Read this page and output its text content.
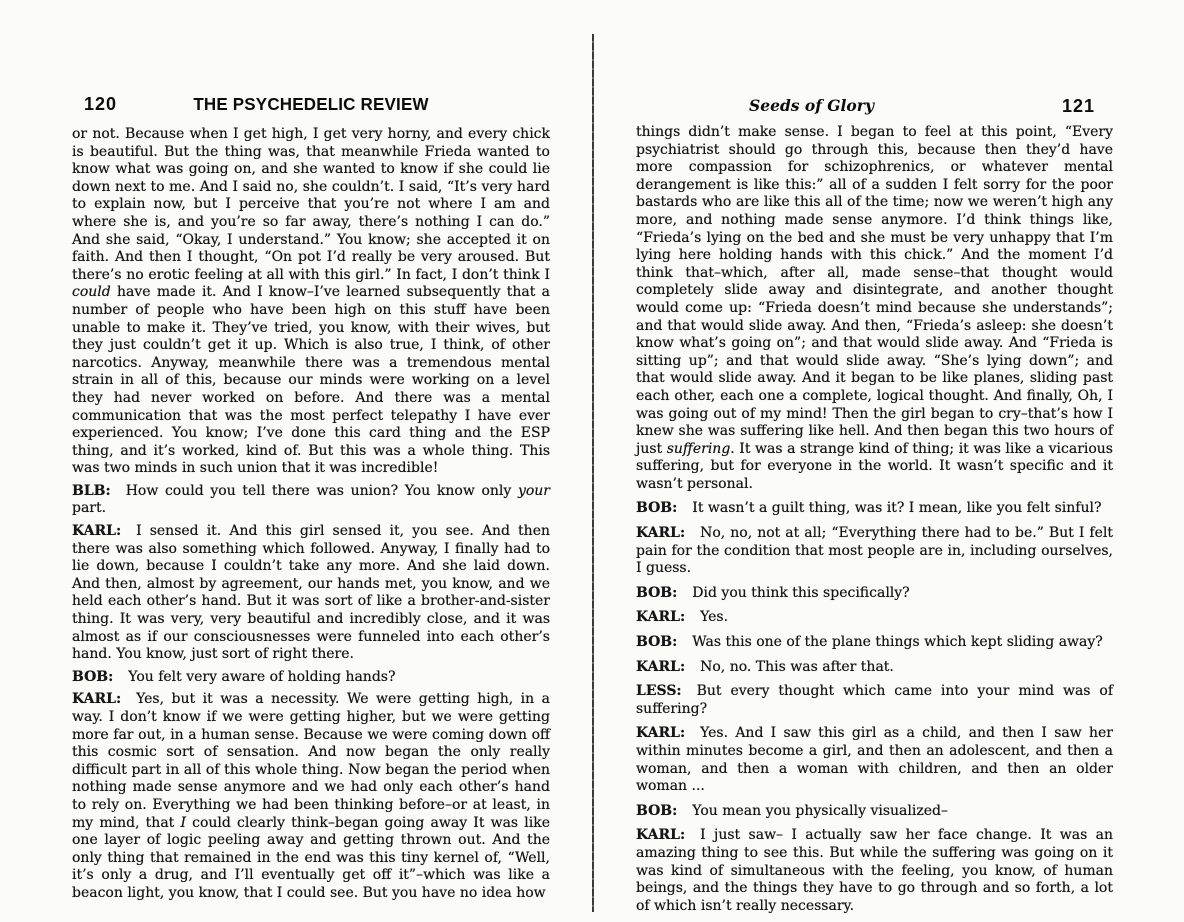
120	THE PSYCHEDELIC REVIEW

or not. Because when I get high, I get very horny, and every chick is beautiful. But the thing was, that meanwhile Frieda wanted to know what was going on, and she wanted to know if she could lie down next to me. And I said no, she couldn’t. I said, “It’s very hard to explain now, but I perceive that you’re not where I am and where she is, and you’re so far away, there’s nothing I can do.” And she said, “Okay, I understand.” You know; she accepted it on faith. And then I thought, “On pot I’d really be very aroused. But there’s no erotic feeling at all with this girl.” In fact, I don’t think I could have made it. And I know–I’ve learned subsequently that a number of people who have been high on this stuff have been unable to make it. They’ve tried, you know, with their wives, but they just couldn’t get it up. Which is also true, I think, of other narcotics. Anyway, meanwhile there was a tremendous mental strain in all of this, because our minds were working on a level they had never worked on before. And there was a mental communication that was the most perfect telepathy I have ever experienced. You know; I’ve done this card thing and the ESP thing, and it’s worked, kind of. But this was a whole thing. This was two minds in such union that it was incredible!

BLB: How could you tell there was union? You know only your part.

KARL: I sensed it. And this girl sensed it, you see. And then there was also something which followed. Anyway, I finally had to lie down, because I couldn’t take any more. And she laid down. And then, almost by agreement, our hands met, you know, and we held each other’s hand. But it was sort of like a brother-and-sister thing. It was very, very beautiful and incredibly close, and it was almost as if our consciousnesses were funneled into each other’s hand. You know, just sort of right there.

BOB: You felt very aware of holding hands?

KARL: Yes, but it was a necessity. We were getting high, in a way. I don’t know if we were getting higher, but we were getting more far out, in a human sense. Because we were coming down off this cosmic sort of sensation. And now began the only really difficult part in all of this whole thing. Now began the period when nothing made sense anymore and we had only each other’s hand to rely on. Everything we had been thinking before–or at least, in my mind, that I could clearly think–began going away It was like one layer of logic peeling away and getting thrown out. And the only thing that remained in the end was this tiny kernel of, “Well, it’s only a drug, and I’ll eventually get off it”–which was like a beacon light, you know, that I could see. But you have no idea how

Seeds of Glory	121

things didn’t make sense. I began to feel at this point, “Every psychiatrist should go through this, because then they’d have more compassion for schizophrenics, or whatever mental derangement is like this:” all of a sudden I felt sorry for the poor bastards who are like this all of the time; now we weren’t high any more, and nothing made sense anymore. I’d think things like, “Frieda’s lying on the bed and she must be very unhappy that I’m lying here holding hands with this chick.” And the moment I’d think that–which, after all, made sense–that thought would completely slide away and disintegrate, and another thought would come up: “Frieda doesn’t mind because she understands”; and that would slide away. And then, “Frieda’s asleep: she doesn’t know what’s going on”; and that would slide away. And “Frieda is sitting up”; and that would slide away. “She’s lying down”; and that would slide away. And it began to be like planes, sliding past each other, each one a complete, logical thought. And finally, Oh, I was going out of my mind! Then the girl began to cry–that’s how I knew she was suffering like hell. And then began this two hours of just suffering. It was a strange kind of thing; it was like a vicarious suffering, but for everyone in the world. It wasn’t specific and it wasn’t personal.

BOB: It wasn’t a guilt thing, was it? I mean, like you felt sinful?

KARL: No, no, not at all; “Everything there had to be.” But I felt pain for the condition that most people are in, including ourselves, I guess.

BOB: Did you think this specifically?

KARL: Yes.

BOB: Was this one of the plane things which kept sliding away?

KARL: No, no. This was after that.

LESS: But every thought which came into your mind was of suffering?

KARL: Yes. And I saw this girl as a child, and then I saw her within minutes become a girl, and then an adolescent, and then a woman, and then a woman with children, and then an older woman ...

BOB: You mean you physically visualized–

KARL: I just saw– I actually saw her face change. It was an amazing thing to see this. But while the suffering was going on it was kind of simultaneous with the feeling, you know, of human beings, and the things they have to go through and so forth, a lot of which isn’t really necessary.
